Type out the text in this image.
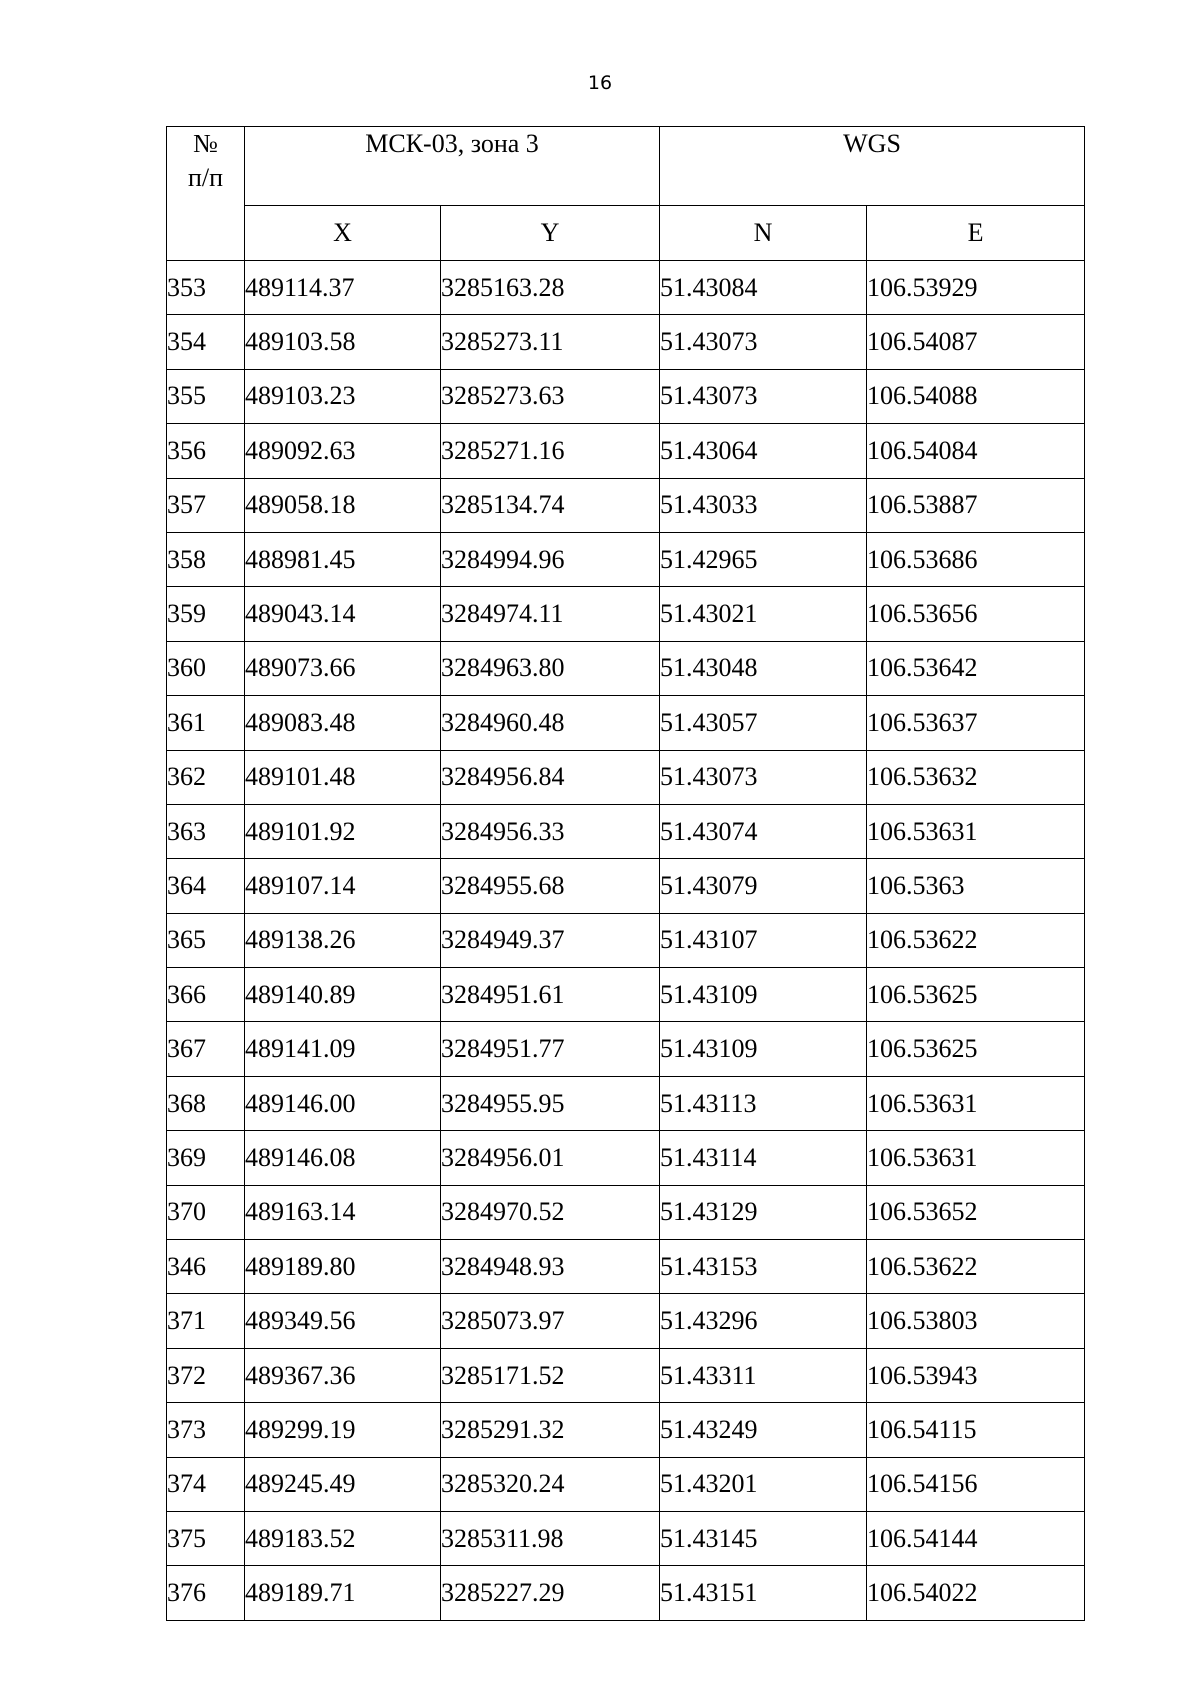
16
№
п/п	МСК-03, зона 3		WGS	
	X	Y	N	E
353	489114.37	3285163.28	51.43084	106.53929
354	489103.58	3285273.11	51.43073	106.54087
355	489103.23	3285273.63	51.43073	106.54088
356	489092.63	3285271.16	51.43064	106.54084
357	489058.18	3285134.74	51.43033	106.53887
358	488981.45	3284994.96	51.42965	106.53686
359	489043.14	3284974.11	51.43021	106.53656
360	489073.66	3284963.80	51.43048	106.53642
361	489083.48	3284960.48	51.43057	106.53637
362	489101.48	3284956.84	51.43073	106.53632
363	489101.92	3284956.33	51.43074	106.53631
364	489107.14	3284955.68	51.43079	106.5363
365	489138.26	3284949.37	51.43107	106.53622
366	489140.89	3284951.61	51.43109	106.53625
367	489141.09	3284951.77	51.43109	106.53625
368	489146.00	3284955.95	51.43113	106.53631
369	489146.08	3284956.01	51.43114	106.53631
370	489163.14	3284970.52	51.43129	106.53652
346	489189.80	3284948.93	51.43153	106.53622
371	489349.56	3285073.97	51.43296	106.53803
372	489367.36	3285171.52	51.43311	106.53943
373	489299.19	3285291.32	51.43249	106.54115
374	489245.49	3285320.24	51.43201	106.54156
375	489183.52	3285311.98	51.43145	106.54144
376	489189.71	3285227.29	51.43151	106.54022
